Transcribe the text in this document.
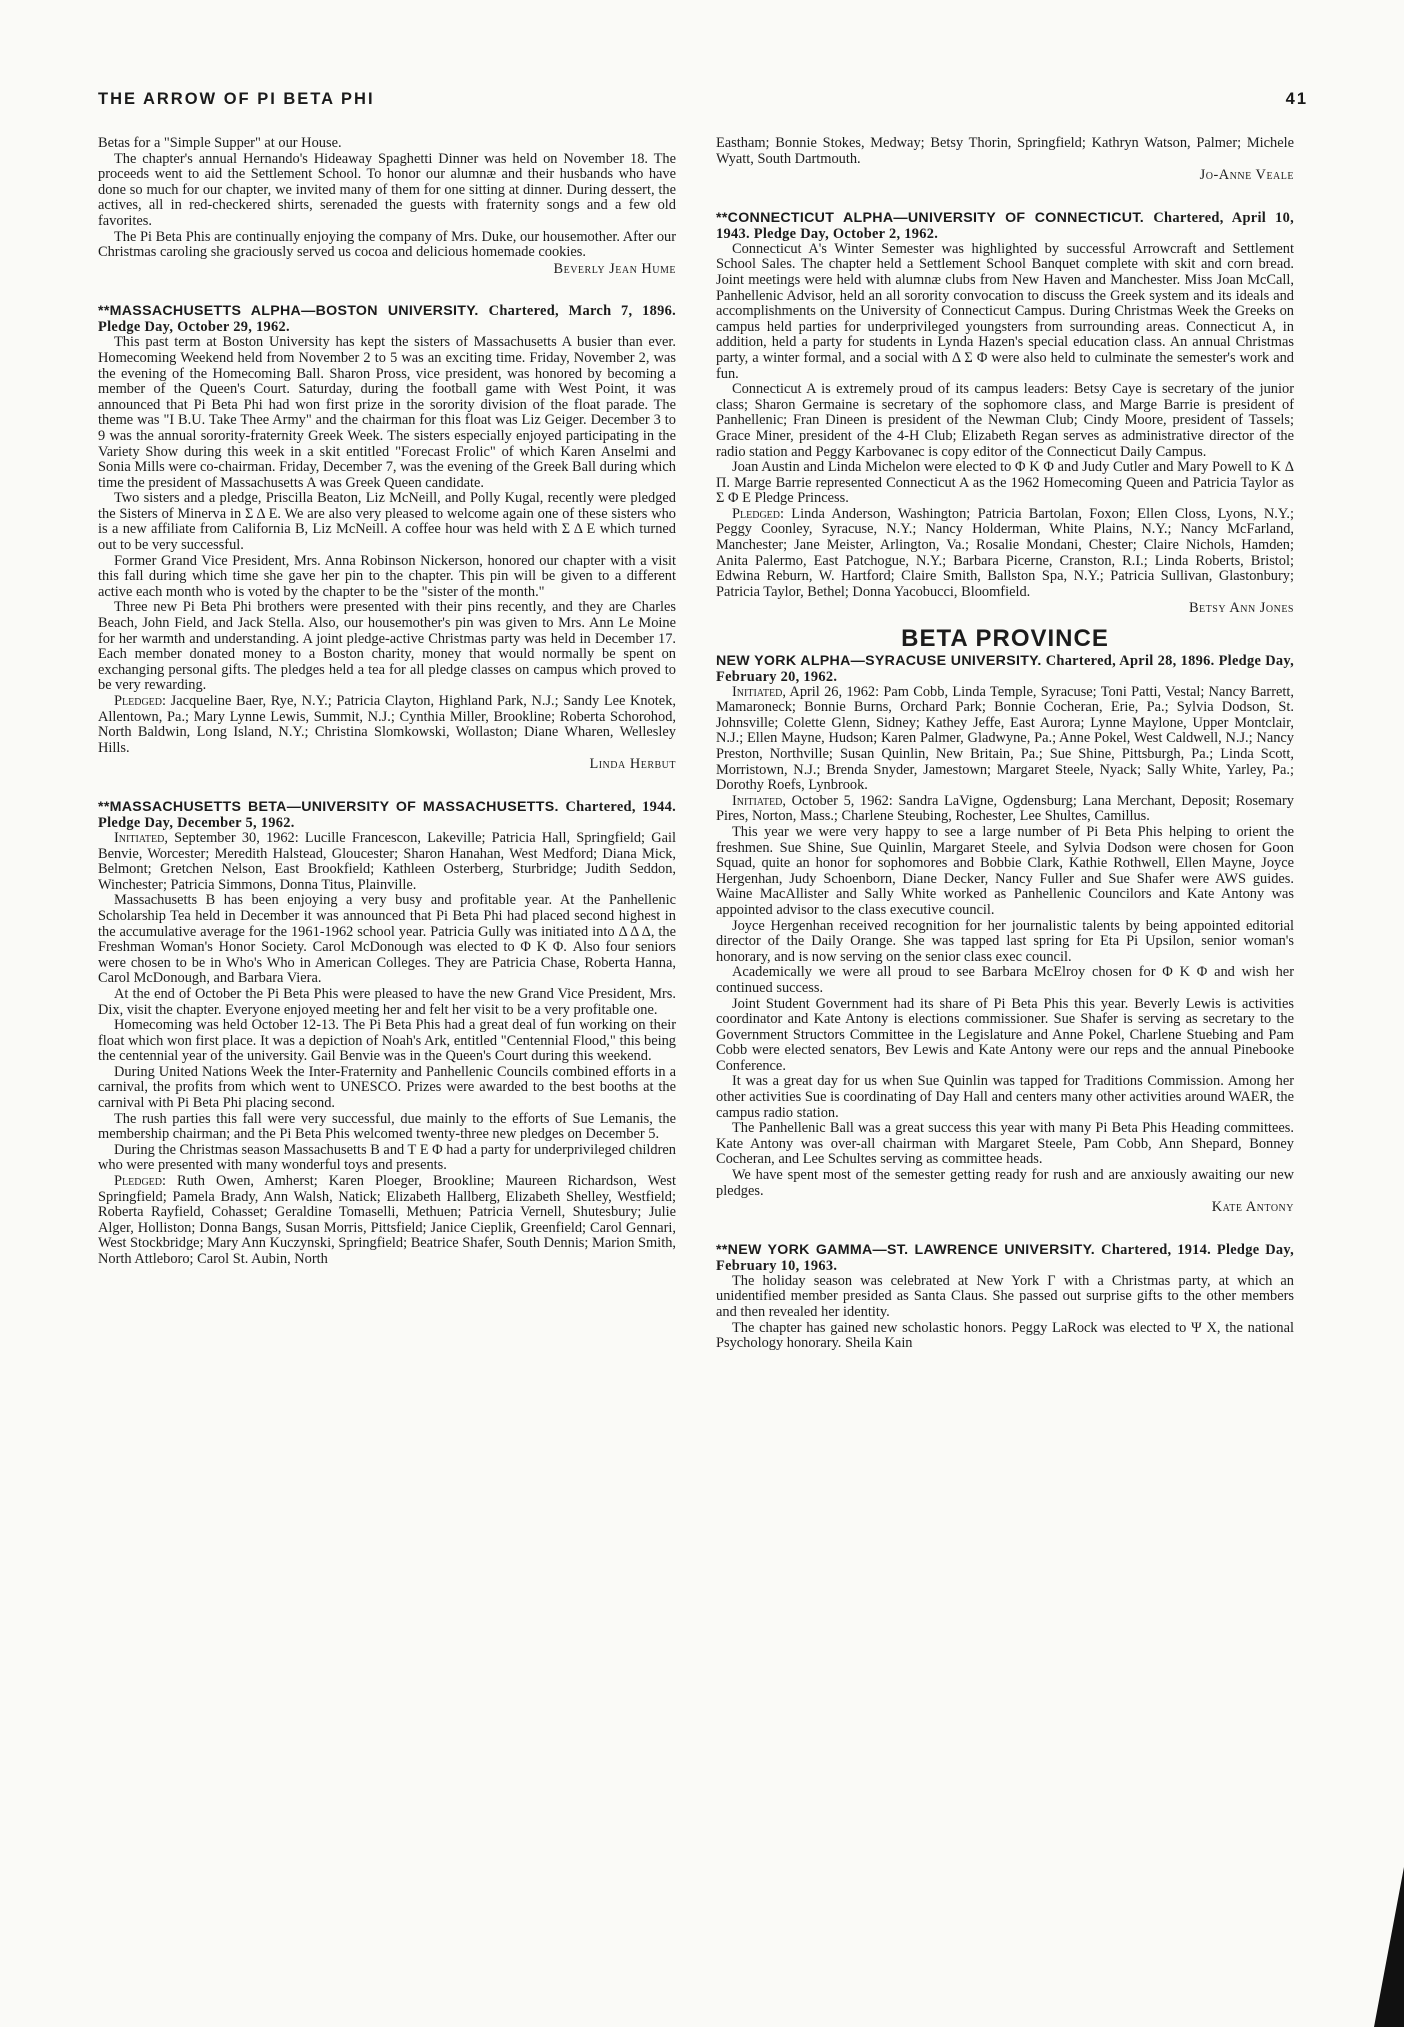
THE ARROW OF PI BETA PHI	41

Betas for a "Simple Supper" at our House.

The chapter's annual Hernando's Hideaway Spaghetti Dinner was held on November 18. The proceeds went to aid the Settlement School. To honor our alumnæ and their husbands who have done so much for our chapter, we invited many of them for one sitting at dinner. During dessert, the actives, all in red-checkered shirts, serenaded the guests with fraternity songs and a few old favorites.

The Pi Beta Phis are continually enjoying the company of Mrs. Duke, our housemother. After our Christmas caroling she graciously served us cocoa and delicious homemade cookies.

Beverly Jean Hume

**MASSACHUSETTS ALPHA—BOSTON UNIVERSITY. Chartered, March 7, 1896. Pledge Day, October 29, 1962.

This past term at Boston University has kept the sisters of Massachusetts A busier than ever. Homecoming Weekend held from November 2 to 5 was an exciting time. Friday, November 2, was the evening of the Homecoming Ball. Sharon Pross, vice president, was honored by becoming a member of the Queen's Court. Saturday, during the football game with West Point, it was announced that Pi Beta Phi had won first prize in the sorority division of the float parade. The theme was "I B.U. Take Thee Army" and the chairman for this float was Liz Geiger. December 3 to 9 was the annual sorority-fraternity Greek Week. The sisters especially enjoyed participating in the Variety Show during this week in a skit entitled "Forecast Frolic" of which Karen Anselmi and Sonia Mills were co-chairman. Friday, December 7, was the evening of the Greek Ball during which time the president of Massachusetts A was Greek Queen candidate.

Two sisters and a pledge, Priscilla Beaton, Liz McNeill, and Polly Kugal, recently were pledged the Sisters of Minerva in Σ Δ E. We are also very pleased to welcome again one of these sisters who is a new affiliate from California B, Liz McNeill. A coffee hour was held with Σ Δ E which turned out to be very successful.

Former Grand Vice President, Mrs. Anna Robinson Nickerson, honored our chapter with a visit this fall during which time she gave her pin to the chapter. This pin will be given to a different active each month who is voted by the chapter to be the "sister of the month."

Three new Pi Beta Phi brothers were presented with their pins recently, and they are Charles Beach, John Field, and Jack Stella. Also, our housemother's pin was given to Mrs. Ann Le Moine for her warmth and understanding. A joint pledge-active Christmas party was held in December 17. Each member donated money to a Boston charity, money that would normally be spent on exchanging personal gifts. The pledges held a tea for all pledge classes on campus which proved to be very rewarding.

Pledged: Jacqueline Baer, Rye, N.Y.; Patricia Clayton, Highland Park, N.J.; Sandy Lee Knotek, Allentown, Pa.; Mary Lynne Lewis, Summit, N.J.; Cynthia Miller, Brookline; Roberta Schorohod, North Baldwin, Long Island, N.Y.; Christina Slomkowski, Wollaston; Diane Wharen, Wellesley Hills.

Linda Herbut

**MASSACHUSETTS BETA—UNIVERSITY OF MASSACHUSETTS. Chartered, 1944. Pledge Day, December 5, 1962.

Initiated, September 30, 1962: Lucille Francescon, Lakeville; Patricia Hall, Springfield; Gail Benvie, Worcester; Meredith Halstead, Gloucester; Sharon Hanahan, West Medford; Diana Mick, Belmont; Gretchen Nelson, East Brookfield; Kathleen Osterberg, Sturbridge; Judith Seddon, Winchester; Patricia Simmons, Donna Titus, Plainville.

Massachusetts B has been enjoying a very busy and profitable year. At the Panhellenic Scholarship Tea held in December it was announced that Pi Beta Phi had placed second highest in the accumulative average for the 1961-1962 school year. Patricia Gully was initiated into Δ Δ Δ, the Freshman Woman's Honor Society. Carol McDonough was elected to Φ K Φ. Also four seniors were chosen to be in Who's Who in American Colleges. They are Patricia Chase, Roberta Hanna, Carol McDonough, and Barbara Viera.

At the end of October the Pi Beta Phis were pleased to have the new Grand Vice President, Mrs. Dix, visit the chapter. Everyone enjoyed meeting her and felt her visit to be a very profitable one.

Homecoming was held October 12-13. The Pi Beta Phis had a great deal of fun working on their float which won first place. It was a depiction of Noah's Ark, entitled "Centennial Flood," this being the centennial year of the university. Gail Benvie was in the Queen's Court during this weekend.

During United Nations Week the Inter-Fraternity and Panhellenic Councils combined efforts in a carnival, the profits from which went to UNESCO. Prizes were awarded to the best booths at the carnival with Pi Beta Phi placing second.

The rush parties this fall were very successful, due mainly to the efforts of Sue Lemanis, the membership chairman; and the Pi Beta Phis welcomed twenty-three new pledges on December 5.

During the Christmas season Massachusetts B and T E Φ had a party for underprivileged children who were presented with many wonderful toys and presents.

Pledged: Ruth Owen, Amherst; Karen Ploeger, Brookline; Maureen Richardson, West Springfield; Pamela Brady, Ann Walsh, Natick; Elizabeth Hallberg, Elizabeth Shelley, Westfield; Roberta Rayfield, Cohasset; Geraldine Tomaselli, Methuen; Patricia Vernell, Shutesbury; Julie Alger, Holliston; Donna Bangs, Susan Morris, Pittsfield; Janice Cieplik, Greenfield; Carol Gennari, West Stockbridge; Mary Ann Kuczynski, Springfield; Beatrice Shafer, South Dennis; Marion Smith, North Attleboro; Carol St. Aubin, North

Eastham; Bonnie Stokes, Medway; Betsy Thorin, Springfield; Kathryn Watson, Palmer; Michele Wyatt, South Dartmouth.

Jo-Anne Veale

**CONNECTICUT ALPHA—UNIVERSITY OF CONNECTICUT. Chartered, April 10, 1943. Pledge Day, October 2, 1962.

Connecticut A's Winter Semester was highlighted by successful Arrowcraft and Settlement School Sales. The chapter held a Settlement School Banquet complete with skit and corn bread. Joint meetings were held with alumnæ clubs from New Haven and Manchester. Miss Joan McCall, Panhellenic Advisor, held an all sorority convocation to discuss the Greek system and its ideals and accomplishments on the University of Connecticut Campus. During Christmas Week the Greeks on campus held parties for underprivileged youngsters from surrounding areas. Connecticut A, in addition, held a party for students in Lynda Hazen's special education class. An annual Christmas party, a winter formal, and a social with Δ Σ Φ were also held to culminate the semester's work and fun.

Connecticut A is extremely proud of its campus leaders: Betsy Caye is secretary of the junior class; Sharon Germaine is secretary of the sophomore class, and Marge Barrie is president of Panhellenic; Fran Dineen is president of the Newman Club; Cindy Moore, president of Tassels; Grace Miner, president of the 4-H Club; Elizabeth Regan serves as administrative director of the radio station and Peggy Karbovanec is copy editor of the Connecticut Daily Campus.

Joan Austin and Linda Michelon were elected to Φ K Φ and Judy Cutler and Mary Powell to K Δ Π. Marge Barrie represented Connecticut A as the 1962 Homecoming Queen and Patricia Taylor as Σ Φ E Pledge Princess.

Pledged: Linda Anderson, Washington; Patricia Bartolan, Foxon; Ellen Closs, Lyons, N.Y.; Peggy Coonley, Syracuse, N.Y.; Nancy Holderman, White Plains, N.Y.; Nancy McFarland, Manchester; Jane Meister, Arlington, Va.; Rosalie Mondani, Chester; Claire Nichols, Hamden; Anita Palermo, East Patchogue, N.Y.; Barbara Picerne, Cranston, R.I.; Linda Roberts, Bristol; Edwina Reburn, W. Hartford; Claire Smith, Ballston Spa, N.Y.; Patricia Sullivan, Glastonbury; Patricia Taylor, Bethel; Donna Yacobucci, Bloomfield.

Betsy Ann Jones

BETA PROVINCE
NEW YORK ALPHA—SYRACUSE UNIVERSITY. Chartered, April 28, 1896. Pledge Day, February 20, 1962.

Initiated, April 26, 1962: Pam Cobb, Linda Temple, Syracuse; Toni Patti, Vestal; Nancy Barrett, Mamaroneck; Bonnie Burns, Orchard Park; Bonnie Cocheran, Erie, Pa.; Sylvia Dodson, St. Johnsville; Colette Glenn, Sidney; Kathey Jeffe, East Aurora; Lynne Maylone, Upper Montclair, N.J.; Ellen Mayne, Hudson; Karen Palmer, Gladwyne, Pa.; Anne Pokel, West Caldwell, N.J.; Nancy Preston, Northville; Susan Quinlin, New Britain, Pa.; Sue Shine, Pittsburgh, Pa.; Linda Scott, Morristown, N.J.; Brenda Snyder, Jamestown; Margaret Steele, Nyack; Sally White, Yarley, Pa.; Dorothy Roefs, Lynbrook.

Initiated, October 5, 1962: Sandra LaVigne, Ogdensburg; Lana Merchant, Deposit; Rosemary Pires, Norton, Mass.; Charlene Steubing, Rochester, Lee Shultes, Camillus.

This year we were very happy to see a large number of Pi Beta Phis helping to orient the freshmen. Sue Shine, Sue Quinlin, Margaret Steele, and Sylvia Dodson were chosen for Goon Squad, quite an honor for sophomores and Bobbie Clark, Kathie Rothwell, Ellen Mayne, Joyce Hergenhan, Judy Schoenborn, Diane Decker, Nancy Fuller and Sue Shafer were AWS guides. Waine MacAllister and Sally White worked as Panhellenic Councilors and Kate Antony was appointed advisor to the class executive council.

Joyce Hergenhan received recognition for her journalistic talents by being appointed editorial director of the Daily Orange. She was tapped last spring for Eta Pi Upsilon, senior woman's honorary, and is now serving on the senior class exec council.

Academically we were all proud to see Barbara McElroy chosen for Φ K Φ and wish her continued success.

Joint Student Government had its share of Pi Beta Phis this year. Beverly Lewis is activities coordinator and Kate Antony is elections commissioner. Sue Shafer is serving as secretary to the Government Structors Committee in the Legislature and Anne Pokel, Charlene Stuebing and Pam Cobb were elected senators, Bev Lewis and Kate Antony were our reps and the annual Pinebooke Conference.

It was a great day for us when Sue Quinlin was tapped for Traditions Commission. Among her other activities Sue is coordinating of Day Hall and centers many other activities around WAER, the campus radio station.

The Panhellenic Ball was a great success this year with many Pi Beta Phis Heading committees. Kate Antony was over-all chairman with Margaret Steele, Pam Cobb, Ann Shepard, Bonney Cocheran, and Lee Schultes serving as committee heads.

We have spent most of the semester getting ready for rush and are anxiously awaiting our new pledges.

Kate Antony

**NEW YORK GAMMA—ST. LAWRENCE UNIVERSITY. Chartered, 1914. Pledge Day, February 10, 1963.

The holiday season was celebrated at New York Γ with a Christmas party, at which an unidentified member presided as Santa Claus. She passed out surprise gifts to the other members and then revealed her identity.

The chapter has gained new scholastic honors. Peggy LaRock was elected to Ψ X, the national Psychology honorary. Sheila Kain
